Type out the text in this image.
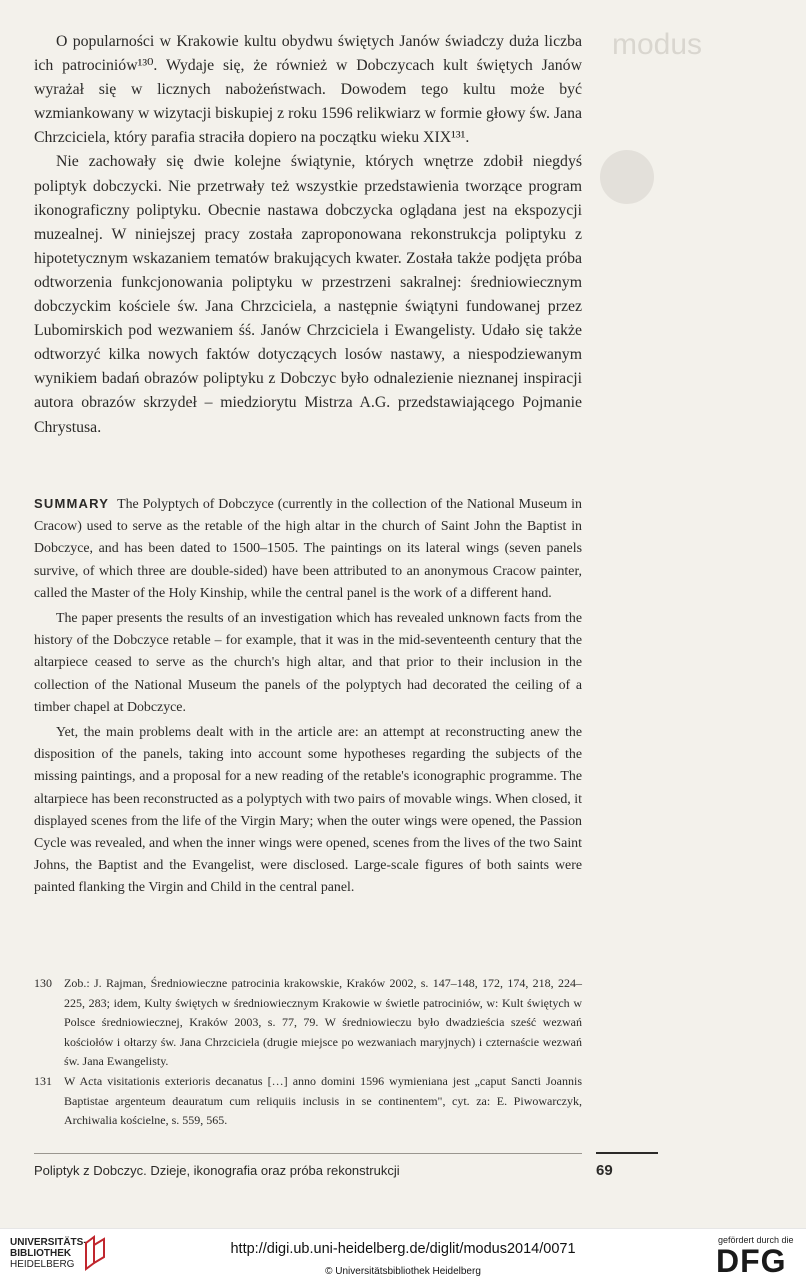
modus

O popularności w Krakowie kultu obydwu świętych Janów świadczy duża liczba ich patrociniów¹³⁰. Wydaje się, że również w Dobczycach kult świętych Janów wyrażał się w licznych nabożeństwach. Dowodem tego kultu może być wzmiankowany w wizytacji biskupiej z roku 1596 relikwiarz w formie głowy św. Jana Chrzciciela, który parafia straciła dopiero na początku wieku XIX¹³¹.

Nie zachowały się dwie kolejne świątynie, których wnętrze zdobił niegdyś poliptyk dobczycki. Nie przetrwały też wszystkie przedstawienia tworzące program ikonograficzny poliptyku. Obecnie nastawa dobczycka oglądana jest na ekspozycji muzealnej. W niniejszej pracy została zaproponowana rekonstrukcja poliptyku z hipotetycznym wskazaniem tematów brakujących kwater. Została także podjęta próba odtworzenia funkcjonowania poliptyku w przestrzeni sakralnej: średniowiecznym dobczyckim kościele św. Jana Chrzciciela, a następnie świątyni fundowanej przez Lubomirskich pod wezwaniem śś. Janów Chrzciciela i Ewangelisty. Udało się także odtworzyć kilka nowych faktów dotyczących losów nastawy, a niespodziewanym wynikiem badań obrazów poliptyku z Dobczyc było odnalezienie nieznanej inspiracji autora obrazów skrzydeł – miedziorytu Mistrza A.G. przedstawiającego Pojmanie Chrystusa.

SUMMARY The Polyptych of Dobczyce (currently in the collection of the National Museum in Cracow) used to serve as the retable of the high altar in the church of Saint John the Baptist in Dobczyce, and has been dated to 1500–1505. The paintings on its lateral wings (seven panels survive, of which three are double-sided) have been attributed to an anonymous Cracow painter, called the Master of the Holy Kinship, while the central panel is the work of a different hand.

The paper presents the results of an investigation which has revealed unknown facts from the history of the Dobczyce retable – for example, that it was in the mid-seventeenth century that the altarpiece ceased to serve as the church's high altar, and that prior to their inclusion in the collection of the National Museum the panels of the polyptych had decorated the ceiling of a timber chapel at Dobczyce.

Yet, the main problems dealt with in the article are: an attempt at reconstructing anew the disposition of the panels, taking into account some hypotheses regarding the subjects of the missing paintings, and a proposal for a new reading of the retable's iconographic programme. The altarpiece has been reconstructed as a polyptych with two pairs of movable wings. When closed, it displayed scenes from the life of the Virgin Mary; when the outer wings were opened, the Passion Cycle was revealed, and when the inner wings were opened, scenes from the lives of the two Saint Johns, the Baptist and the Evangelist, were disclosed. Large-scale figures of both saints were painted flanking the Virgin and Child in the central panel.

130	Zob.: J. Rajman, Średniowieczne patrocinia krakowskie, Kraków 2002, s. 147–148, 172, 174, 218, 224–225, 283; idem, Kulty świętych w średniowiecznym Krakowie w świetle patrociniów, w: Kult świętych w Polsce średniowiecznej, Kraków 2003, s. 77, 79. W średniowieczu było dwadzieścia sześć wezwań kościołów i ołtarzy św. Jana Chrzciciela (drugie miejsce po wezwaniach maryjnych) i czternaście wezwań św. Jana Ewangelisty.
131	W Acta visitationis exterioris decanatus […] anno domini 1596 wymieniana jest „caput Sancti Joannis Baptistae argenteum deauratum cum reliquiis inclusis in se continentem", cyt. za: E. Piwowarczyk, Archiwalia kościelne, s. 559, 565.
Poliptyk z Dobczyc. Dzieje, ikonografia oraz próba rekonstrukcji	69
UNIVERSITÄTS-
BIBLIOTHEK
HEIDELBERG
http://digi.ub.uni-heidelberg.de/diglit/modus2014/0071
© Universitätsbibliothek Heidelberg
gefördert durch die
DFG
